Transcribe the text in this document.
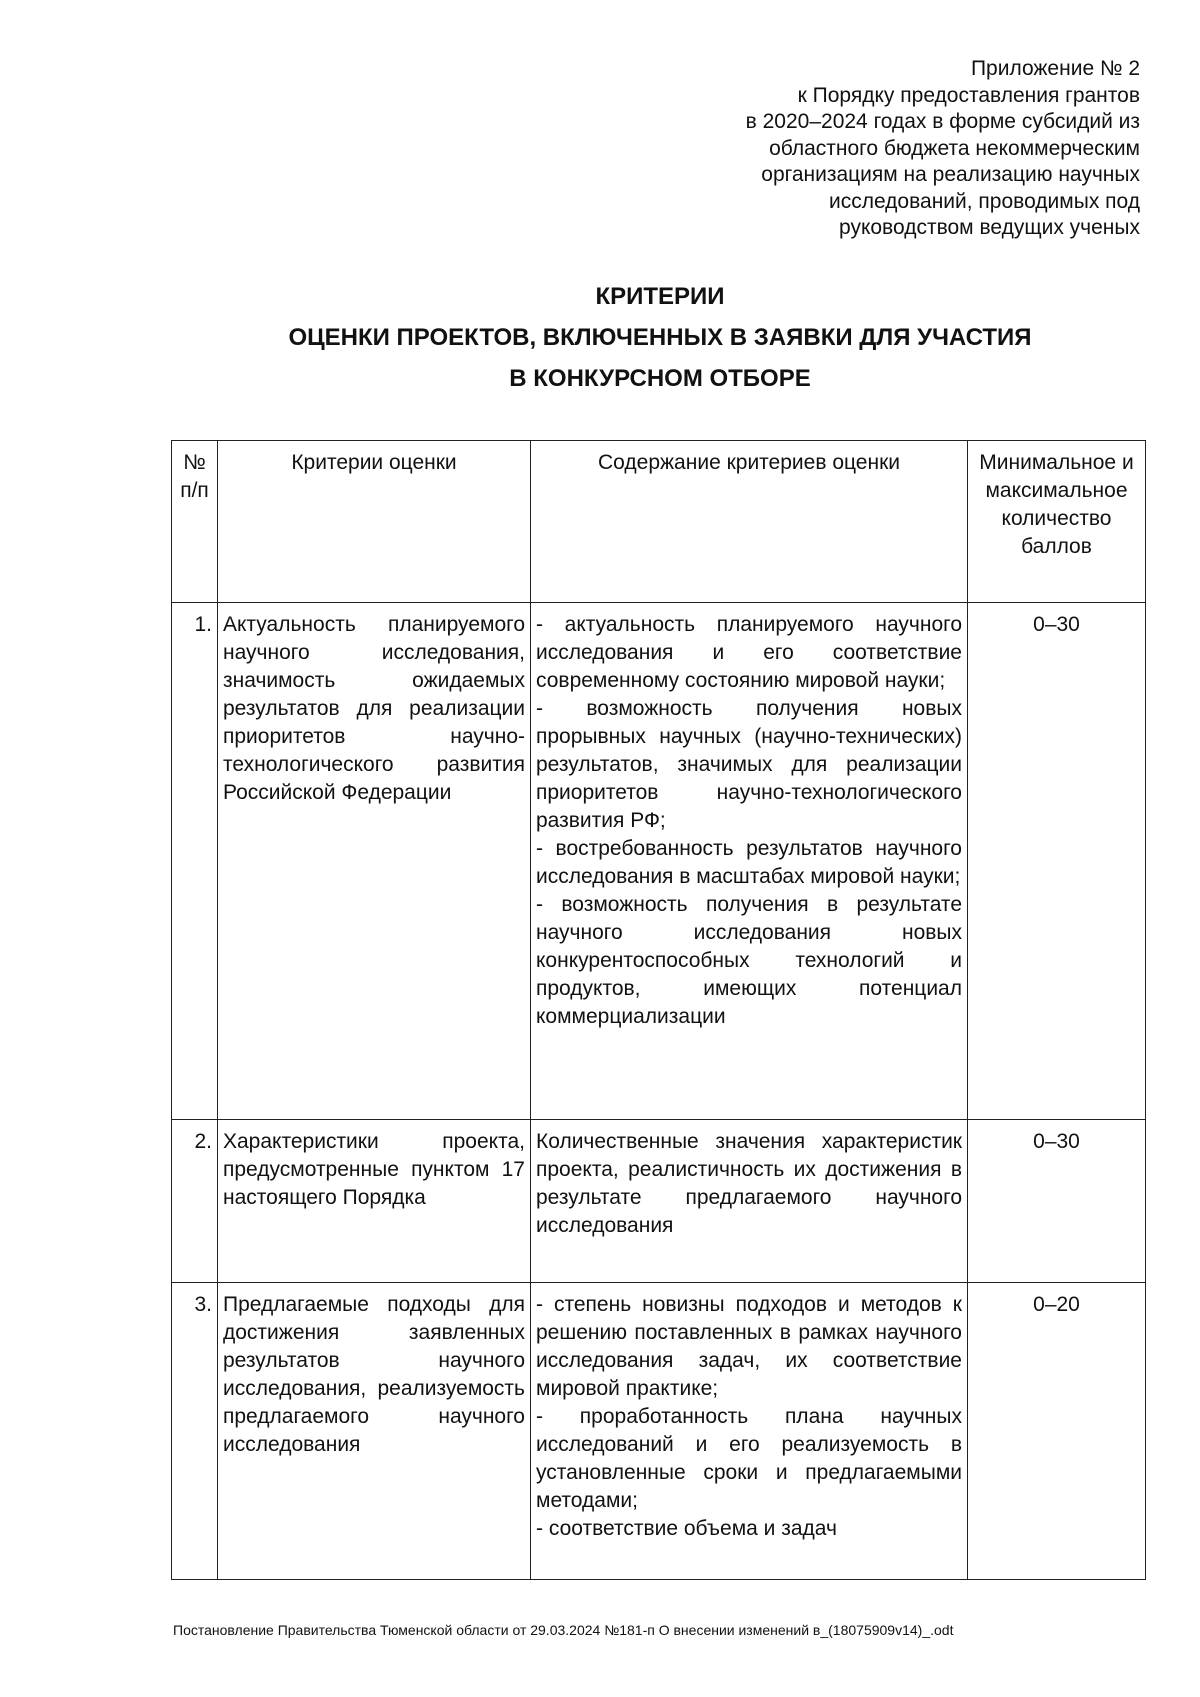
Приложение № 2
к Порядку предоставления грантов
в 2020–2024 годах в форме субсидий из
областного бюджета некоммерческим
организациям на реализацию научных
исследований, проводимых под
руководством ведущих ученых
КРИТЕРИИ
ОЦЕНКИ ПРОЕКТОВ, ВКЛЮЧЕННЫХ В ЗАЯВКИ ДЛЯ УЧАСТИЯ
В КОНКУРСНОМ ОТБОРЕ
№ п/п	Критерии оценки	Содержание критериев оценки	Минимальное и максимальное количество баллов
1.	Актуальность планируемого научного исследования, значимость ожидаемых результатов для реализации приоритетов научно-технологического развития Российской Федерации	- актуальность планируемого научного исследования и его соответствие современному состоянию мировой науки;
- возможность получения новых прорывных научных (научно-технических) результатов, значимых для реализации приоритетов научно-технологического развития РФ;
- востребованность результатов научного исследования в масштабах мировой науки;
- возможность получения в результате научного исследования новых конкурентоспособных технологий и продуктов, имеющих потенциал коммерциализации	0–30
2.	Характеристики проекта, предусмотренные пунктом 17 настоящего Порядка	Количественные значения характеристик проекта, реалистичность их достижения в результате предлагаемого научного исследования	0–30
3.	Предлагаемые подходы для достижения заявленных результатов научного исследования, реализуемость предлагаемого научного исследования	- степень новизны подходов и методов к решению поставленных в рамках научного исследования задач, их соответствие мировой практике;
- проработанность плана научных исследований и его реализуемость в установленные сроки и предлагаемыми методами;
- соответствие объема и задач	0–20
Постановление Правительства Тюменской области от 29.03.2024 №181-п О внесении изменений в_(18075909v14)_.odt
